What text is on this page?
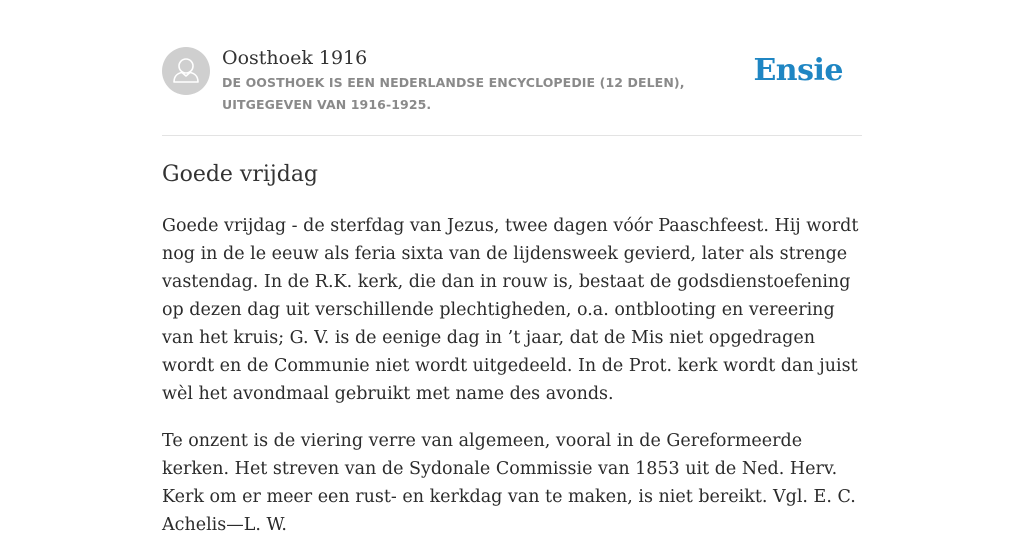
Oosthoek 1916
DE OOSTHOEK IS EEN NEDERLANDSE ENCYCLOPEDIE (12 DELEN), UITGEGEVEN VAN 1916-1925.
Ensie
Goede vrijdag

Goede vrijdag - de sterfdag van Jezus, twee dagen vóór Paaschfeest. Hij wordt nog in de le eeuw als feria sixta van de lijdensweek gevierd, later als strenge vastendag. In de R.K. kerk, die dan in rouw is, bestaat de godsdienstoefening op dezen dag uit verschillende plechtigheden, o.a. ontblooting en vereering van het kruis; G. V. is de eenige dag in ’t jaar, dat de Mis niet opgedragen wordt en de Communie niet wordt uitgedeeld. In de Prot. kerk wordt dan juist wèl het avondmaal gebruikt met name des avonds.

Te onzent is de viering verre van algemeen, vooral in de Gereformeerde kerken. Het streven van de Sydonale Commissie van 1853 uit de Ned. Herv. Kerk om er meer een rust- en kerkdag van te maken, is niet bereikt. Vgl. E. C. Achelis—L. W.
